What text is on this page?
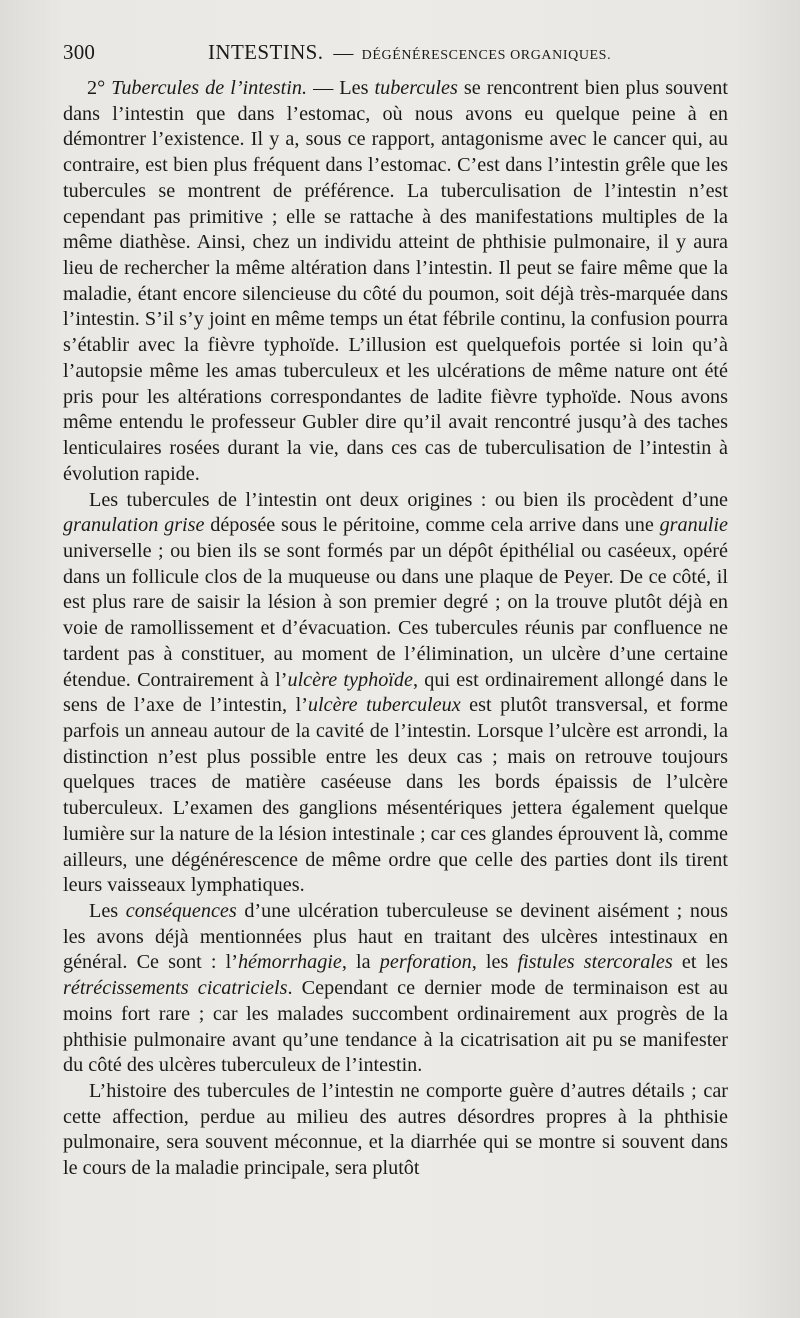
300	INTESTINS. — DÉGÉNÉRESCENCES ORGANIQUES.

2° Tubercules de l’intestin. — Les tubercules se rencontrent bien plus souvent dans l’intestin que dans l’estomac, où nous avons eu quelque peine à en démontrer l’existence. Il y a, sous ce rapport, antagonisme avec le cancer qui, au contraire, est bien plus fréquent dans l’estomac. C’est dans l’intestin grêle que les tubercules se montrent de préférence. La tuberculisation de l’intestin n’est cependant pas primitive ; elle se rattache à des manifestations multiples de la même diathèse. Ainsi, chez un individu atteint de phthisie pulmonaire, il y aura lieu de rechercher la même altération dans l’intestin. Il peut se faire même que la maladie, étant encore silencieuse du côté du poumon, soit déjà très-marquée dans l’intestin. S’il s’y joint en même temps un état fébrile continu, la confusion pourra s’établir avec la fièvre typhoïde. L’illusion est quelquefois portée si loin qu’à l’autopsie même les amas tuberculeux et les ulcérations de même nature ont été pris pour les altérations correspondantes de ladite fièvre typhoïde. Nous avons même entendu le professeur Gubler dire qu’il avait rencontré jusqu’à des taches lenticulaires rosées durant la vie, dans ces cas de tuberculisation de l’intestin à évolution rapide.

Les tubercules de l’intestin ont deux origines : ou bien ils procèdent d’une granulation grise déposée sous le péritoine, comme cela arrive dans une granulie universelle ; ou bien ils se sont formés par un dépôt épithélial ou caséeux, opéré dans un follicule clos de la muqueuse ou dans une plaque de Peyer. De ce côté, il est plus rare de saisir la lésion à son premier degré ; on la trouve plutôt déjà en voie de ramollissement et d’évacuation. Ces tubercules réunis par confluence ne tardent pas à constituer, au moment de l’élimination, un ulcère d’une certaine étendue. Contrairement à l’ulcère typhoïde, qui est ordinairement allongé dans le sens de l’axe de l’intestin, l’ulcère tuberculeux est plutôt transversal, et forme parfois un anneau autour de la cavité de l’intestin. Lorsque l’ulcère est arrondi, la distinction n’est plus possible entre les deux cas ; mais on retrouve toujours quelques traces de matière caséeuse dans les bords épaissis de l’ulcère tuberculeux. L’examen des ganglions mésentériques jettera également quelque lumière sur la nature de la lésion intestinale ; car ces glandes éprouvent là, comme ailleurs, une dégénérescence de même ordre que celle des parties dont ils tirent leurs vaisseaux lymphatiques.

Les conséquences d’une ulcération tuberculeuse se devinent aisément ; nous les avons déjà mentionnées plus haut en traitant des ulcères intestinaux en général. Ce sont : l’hémorrhagie, la perforation, les fistules stercorales et les rétrécissements cicatriciels. Cependant ce dernier mode de terminaison est au moins fort rare ; car les malades succombent ordinairement aux progrès de la phthisie pulmonaire avant qu’une tendance à la cicatrisation ait pu se manifester du côté des ulcères tuberculeux de l’intestin.

L’histoire des tubercules de l’intestin ne comporte guère d’autres détails ; car cette affection, perdue au milieu des autres désordres propres à la phthisie pulmonaire, sera souvent méconnue, et la diarrhée qui se montre si souvent dans le cours de la maladie principale, sera plutôt
